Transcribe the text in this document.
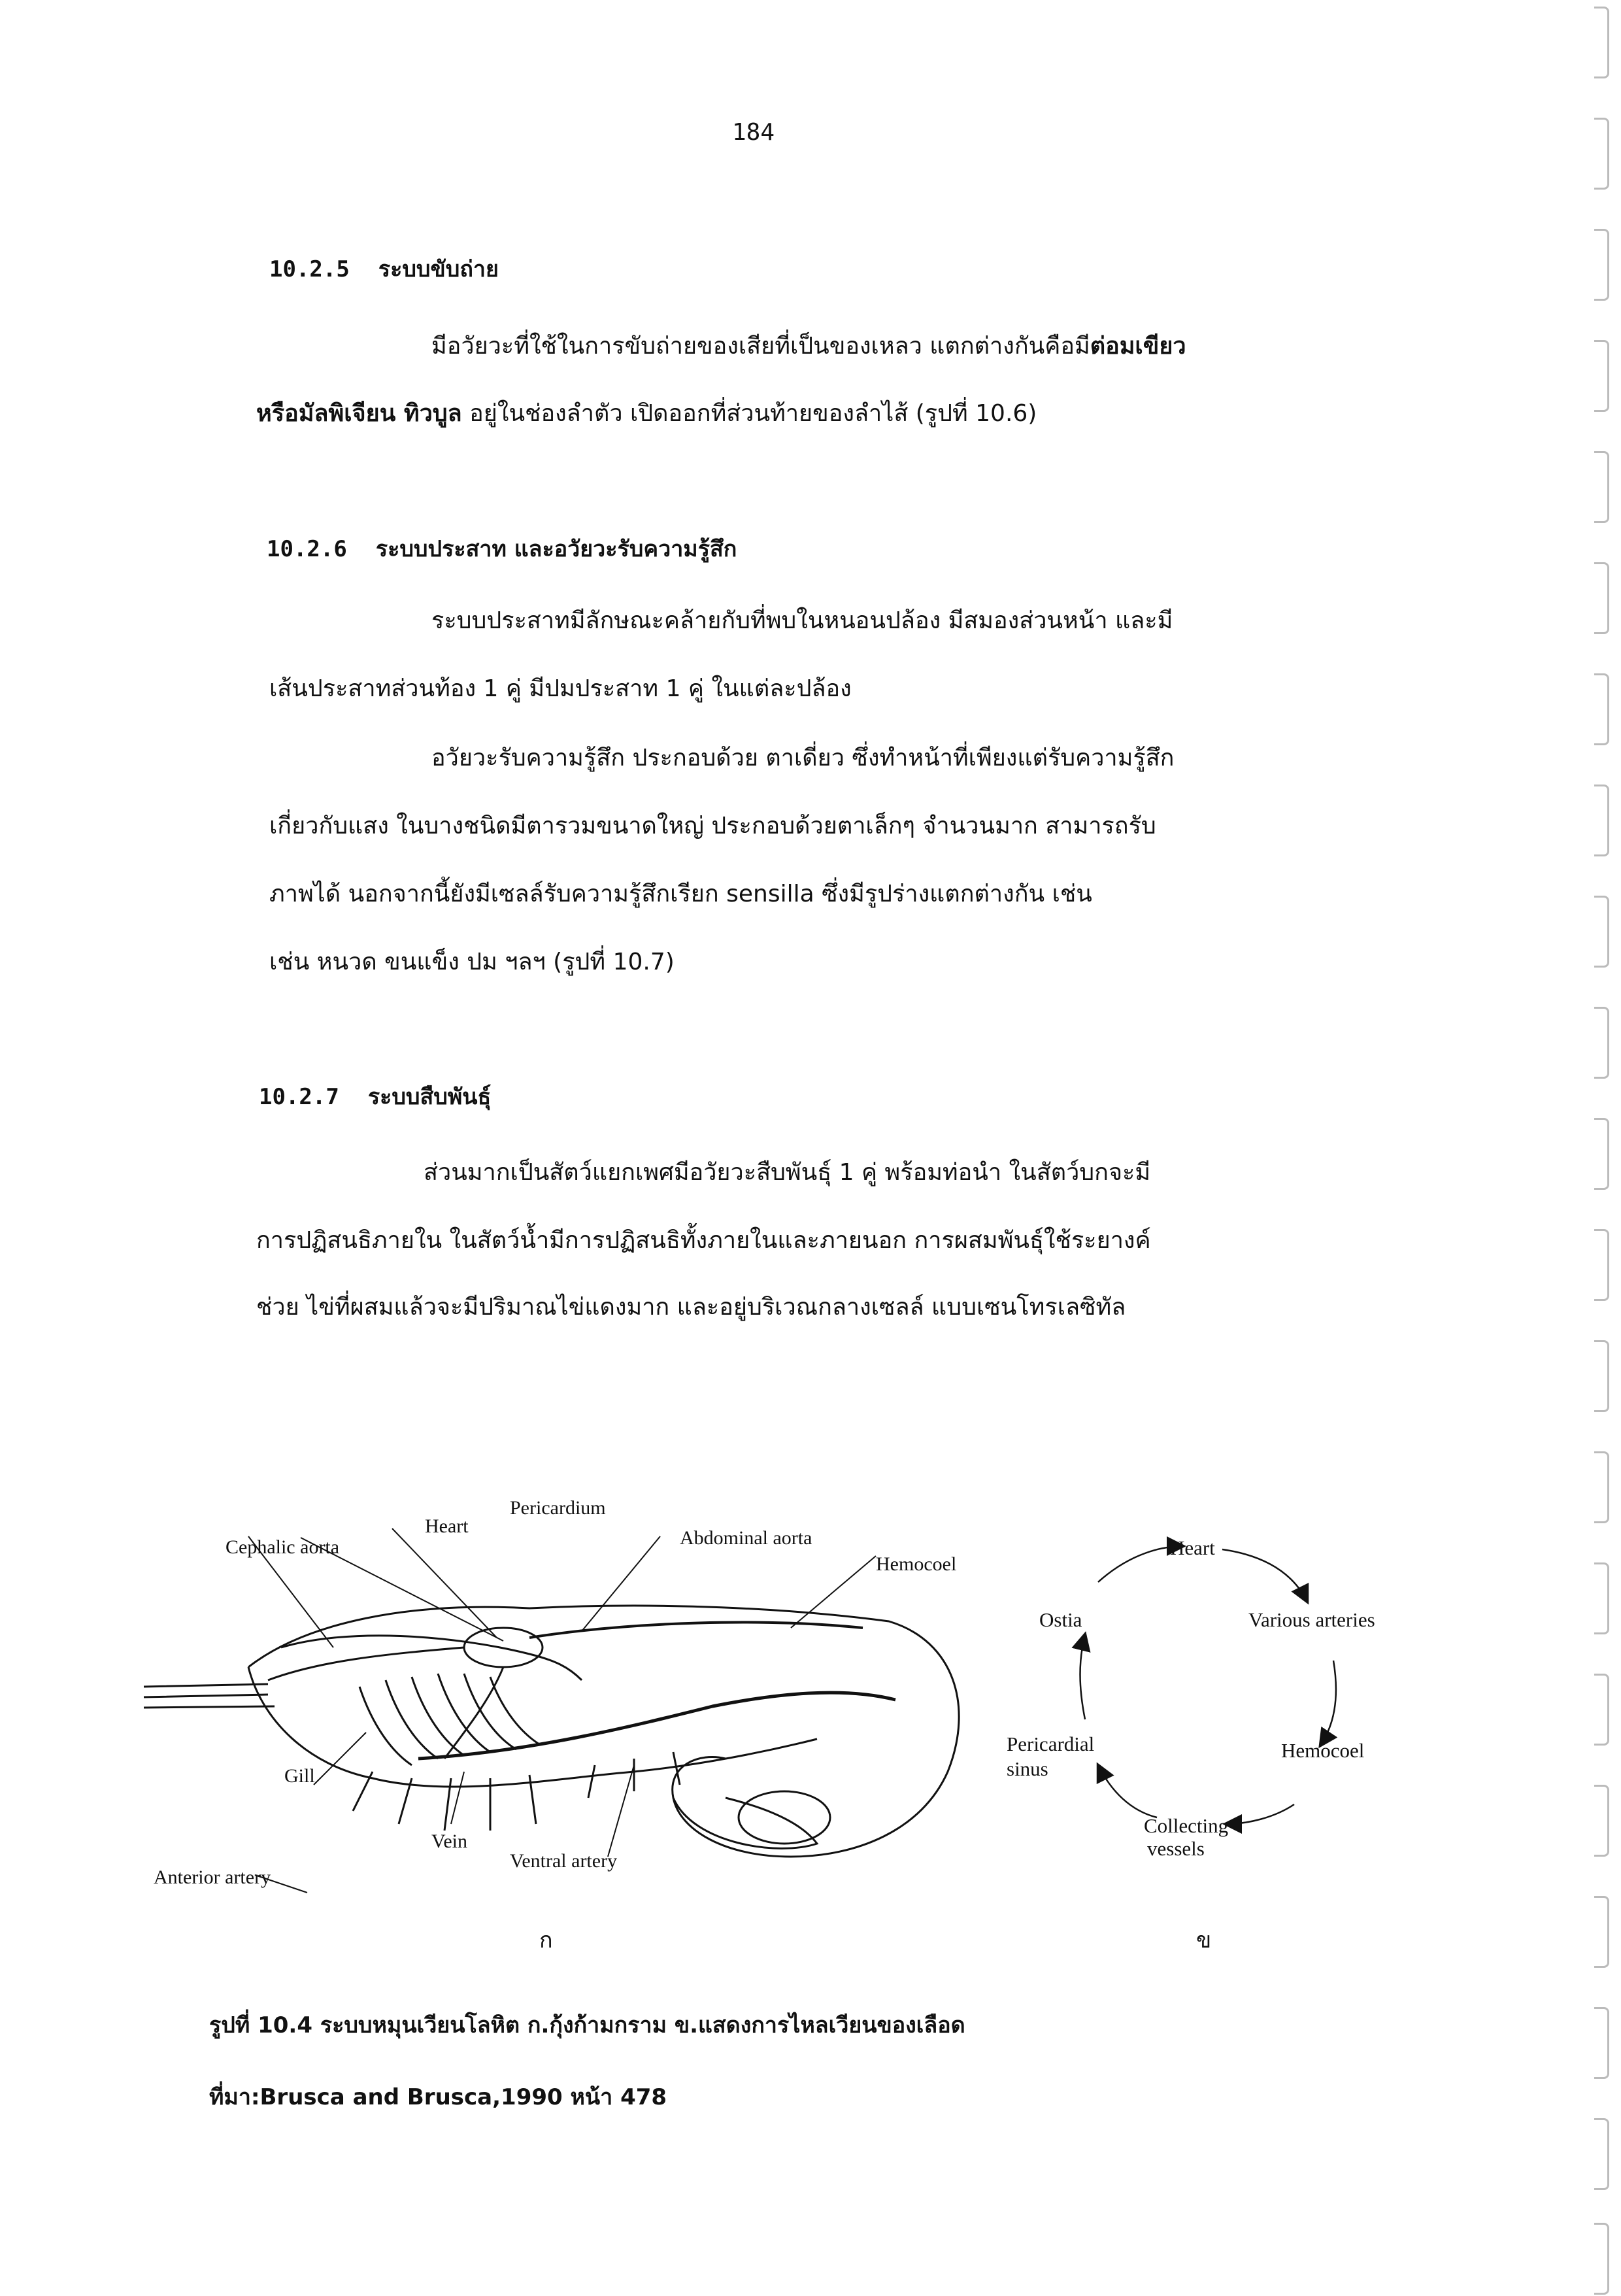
184
10.2.5 ระบบขับถ่าย
มีอวัยวะที่ใช้ในการขับถ่ายของเสียที่เป็นของเหลว แตกต่างกันคือมีต่อมเขียว
หรือมัลพิเจียน ทิวบูล อยู่ในช่องลำตัว เปิดออกที่ส่วนท้ายของลำไส้ (รูปที่ 10.6)
10.2.6 ระบบประสาท และอวัยวะรับความรู้สึก
ระบบประสาทมีลักษณะคล้ายกับที่พบในหนอนปล้อง มีสมองส่วนหน้า และมี
เส้นประสาทส่วนท้อง 1 คู่ มีปมประสาท 1 คู่ ในแต่ละปล้อง
อวัยวะรับความรู้สึก ประกอบด้วย ตาเดี่ยว ซึ่งทำหน้าที่เพียงแต่รับความรู้สึก
เกี่ยวกับแสง ในบางชนิดมีตารวมขนาดใหญ่ ประกอบด้วยตาเล็กๆ จำนวนมาก สามารถรับ
ภาพได้ นอกจากนี้ยังมีเซลล์รับความรู้สึกเรียก sensilla ซึ่งมีรูปร่างแตกต่างกัน เช่น
เช่น หนวด ขนแข็ง ปม ฯลฯ (รูปที่ 10.7)
10.2.7 ระบบสืบพันธุ์
ส่วนมากเป็นสัตว์แยกเพศมีอวัยวะสืบพันธุ์ 1 คู่ พร้อมท่อนำ ในสัตว์บกจะมี
การปฏิสนธิภายใน ในสัตว์น้ำมีการปฏิสนธิทั้งภายในและภายนอก การผสมพันธุ์ใช้ระยางค์
ช่วย ไข่ที่ผสมแล้วจะมีปริมาณไข่แดงมาก และอยู่บริเวณกลางเซลล์ แบบเซนโทรเลซิทัล
Cephalic aorta
Heart
Pericardium
Abdominal aorta
Hemocoel
Gill
Vein
Ventral artery
Anterior artery
Heart
Various arteries
Hemocoel
Collecting
vessels
Pericardial
sinus
Ostia
ก	ข
รูปที่ 10.4 ระบบหมุนเวียนโลหิต ก.กุ้งก้ามกราม ข.แสดงการไหลเวียนของเลือด
ที่มา:Brusca and Brusca,1990 หน้า 478
